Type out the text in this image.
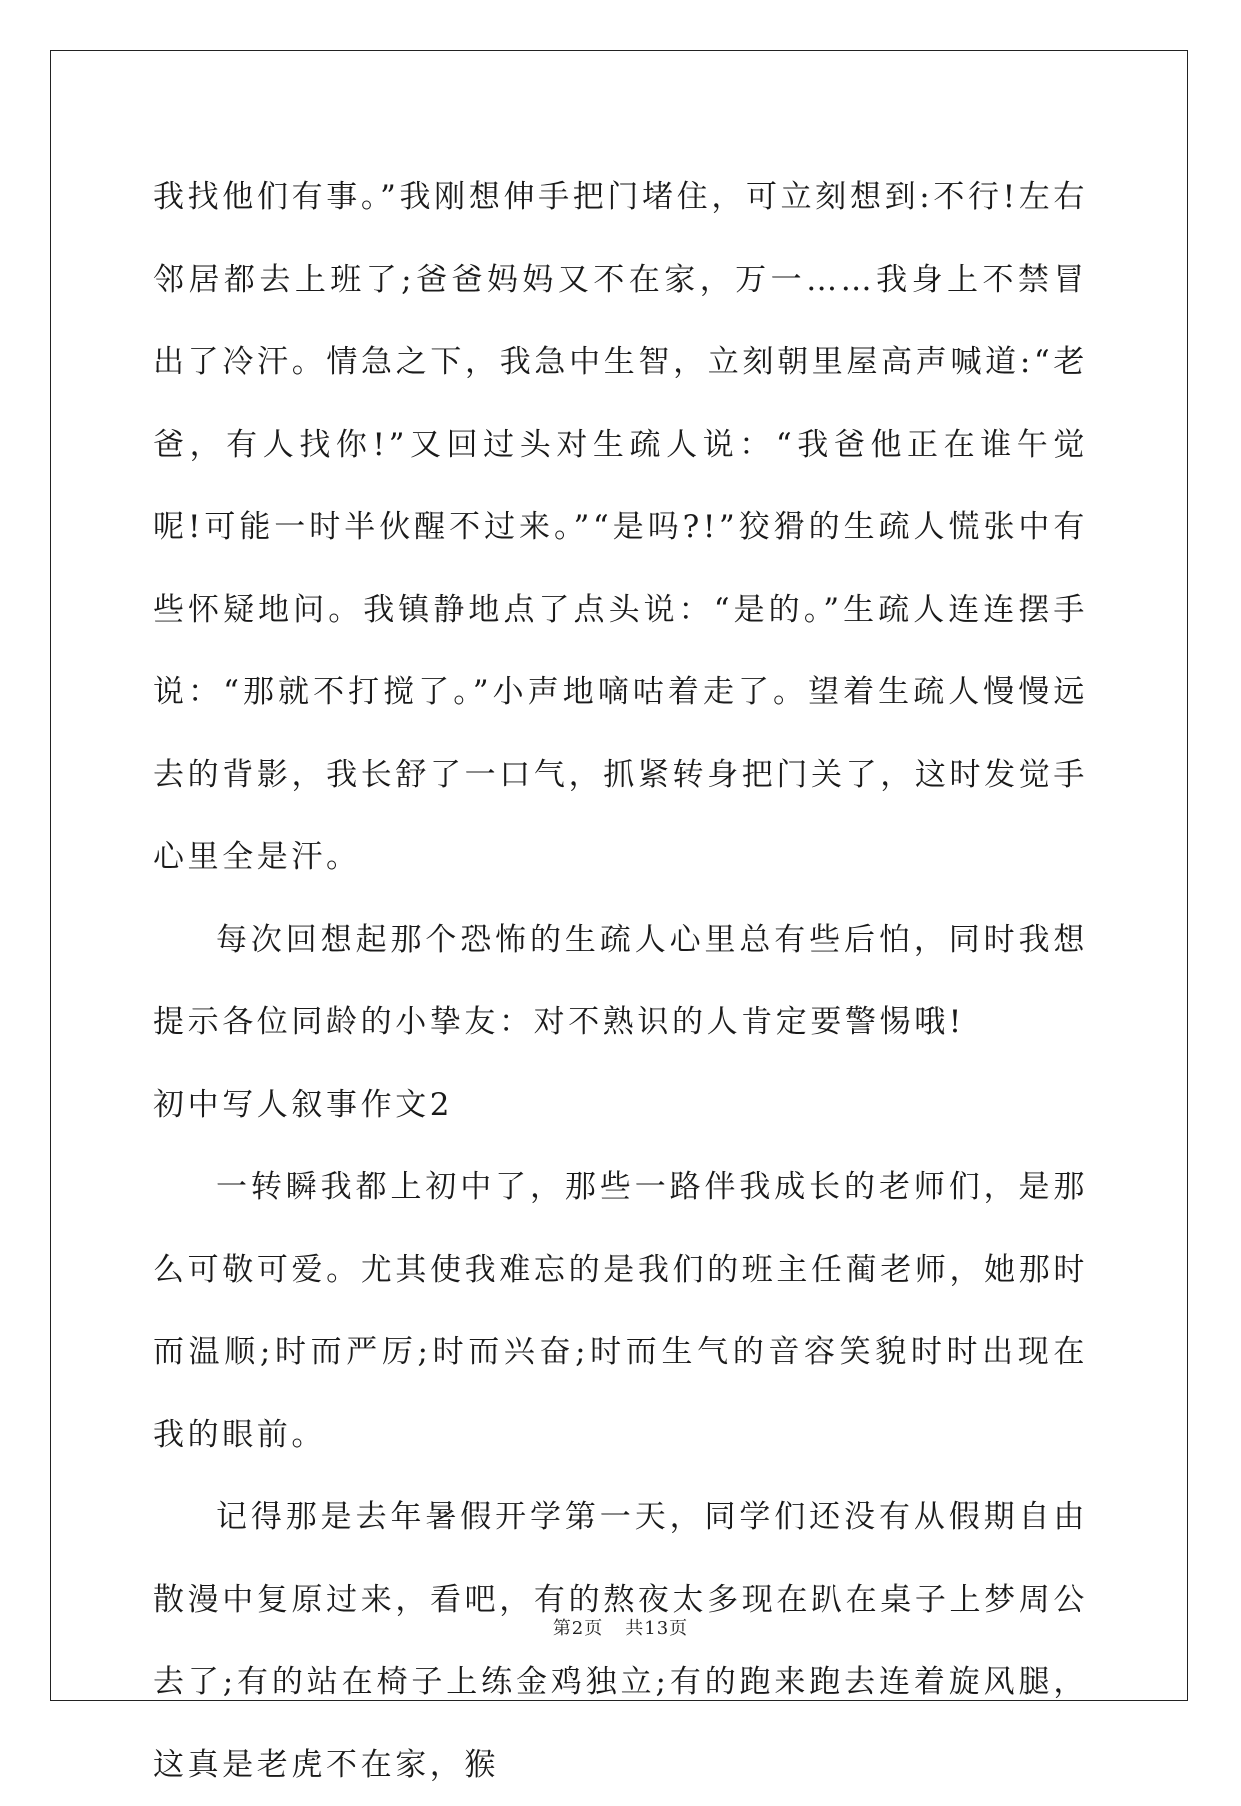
我找他们有事。”我刚想伸手把门堵住，可立刻想到:不行!左右邻居都去上班了;爸爸妈妈又不在家，万一……我身上不禁冒出了冷汗。情急之下，我急中生智，立刻朝里屋高声喊道:“老爸，有人找你!”又回过头对生疏人说：“我爸他正在谁午觉呢!可能一时半伙醒不过来。”“是吗?!”狡猾的生疏人慌张中有些怀疑地问。我镇静地点了点头说：“是的。”生疏人连连摆手说：“那就不打搅了。”小声地嘀咕着走了。望着生疏人慢慢远去的背影，我长舒了一口气，抓紧转身把门关了，这时发觉手心里全是汗。

每次回想起那个恐怖的生疏人心里总有些后怕，同时我想提示各位同龄的小挚友：对不熟识的人肯定要警惕哦!

初中写人叙事作文2

一转瞬我都上初中了，那些一路伴我成长的老师们，是那么可敬可爱。尤其使我难忘的是我们的班主任蔺老师，她那时而温顺;时而严厉;时而兴奋;时而生气的音容笑貌时时出现在我的眼前。

记得那是去年暑假开学第一天，同学们还没有从假期自由散漫中复原过来，看吧，有的熬夜太多现在趴在桌子上梦周公去了;有的站在椅子上练金鸡独立;有的跑来跑去连着旋风腿，这真是老虎不在家，猴

第2页 共13页
